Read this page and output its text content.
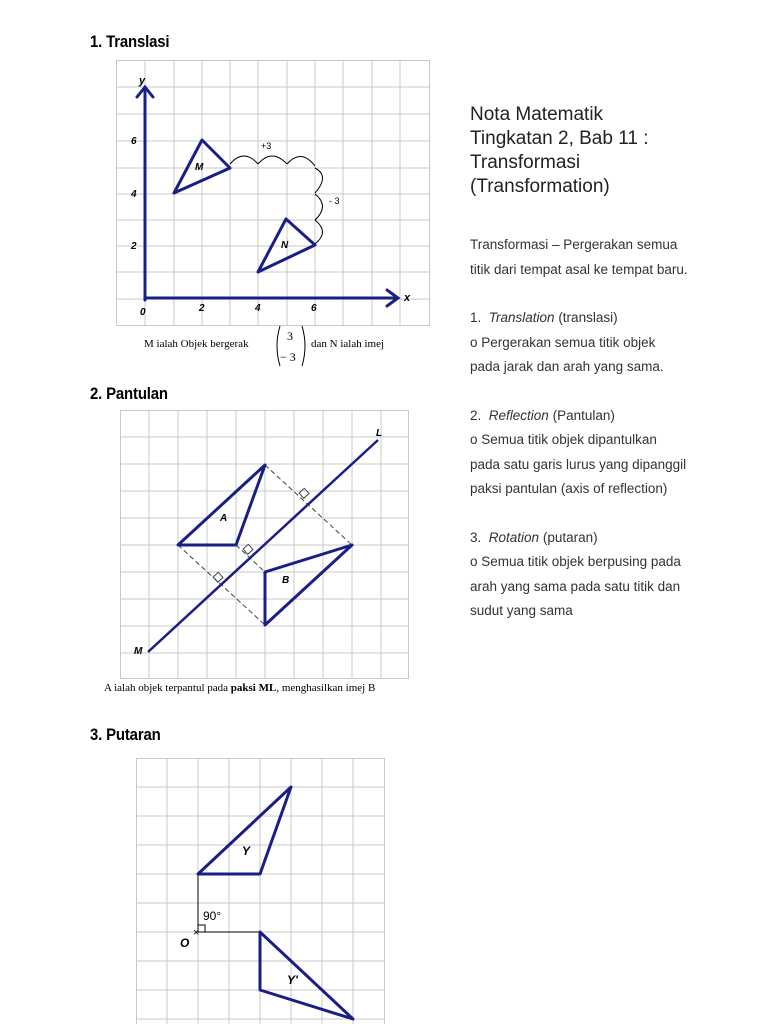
1. Translasi
y
x
6
4
2
0	2	4	6
M
N
+3
- 3
M ialah Objek bergerak
3
− 3
dan N ialah imej
2. Pantulan
L
M
A
B
A ialah objek terpantul pada paksi ML, menghasilkan imej B
3. Putaran
×
90°
O
Y
Y'
Nota Matematik Tingkatan 2, Bab 11 : Transformasi (Transformation)

Transformasi – Pergerakan semua titik dari tempat asal ke tempat baru.

1. Translation (translasi)
o Pergerakan semua titik objek pada jarak dan arah yang sama.

2. Reflection (Pantulan)
o Semua titik objek dipantulkan pada satu garis lurus yang dipanggil paksi pantulan (axis of reflection)

3. Rotation (putaran)
o Semua titik objek berpusing pada arah yang sama pada satu titik dan sudut yang sama
